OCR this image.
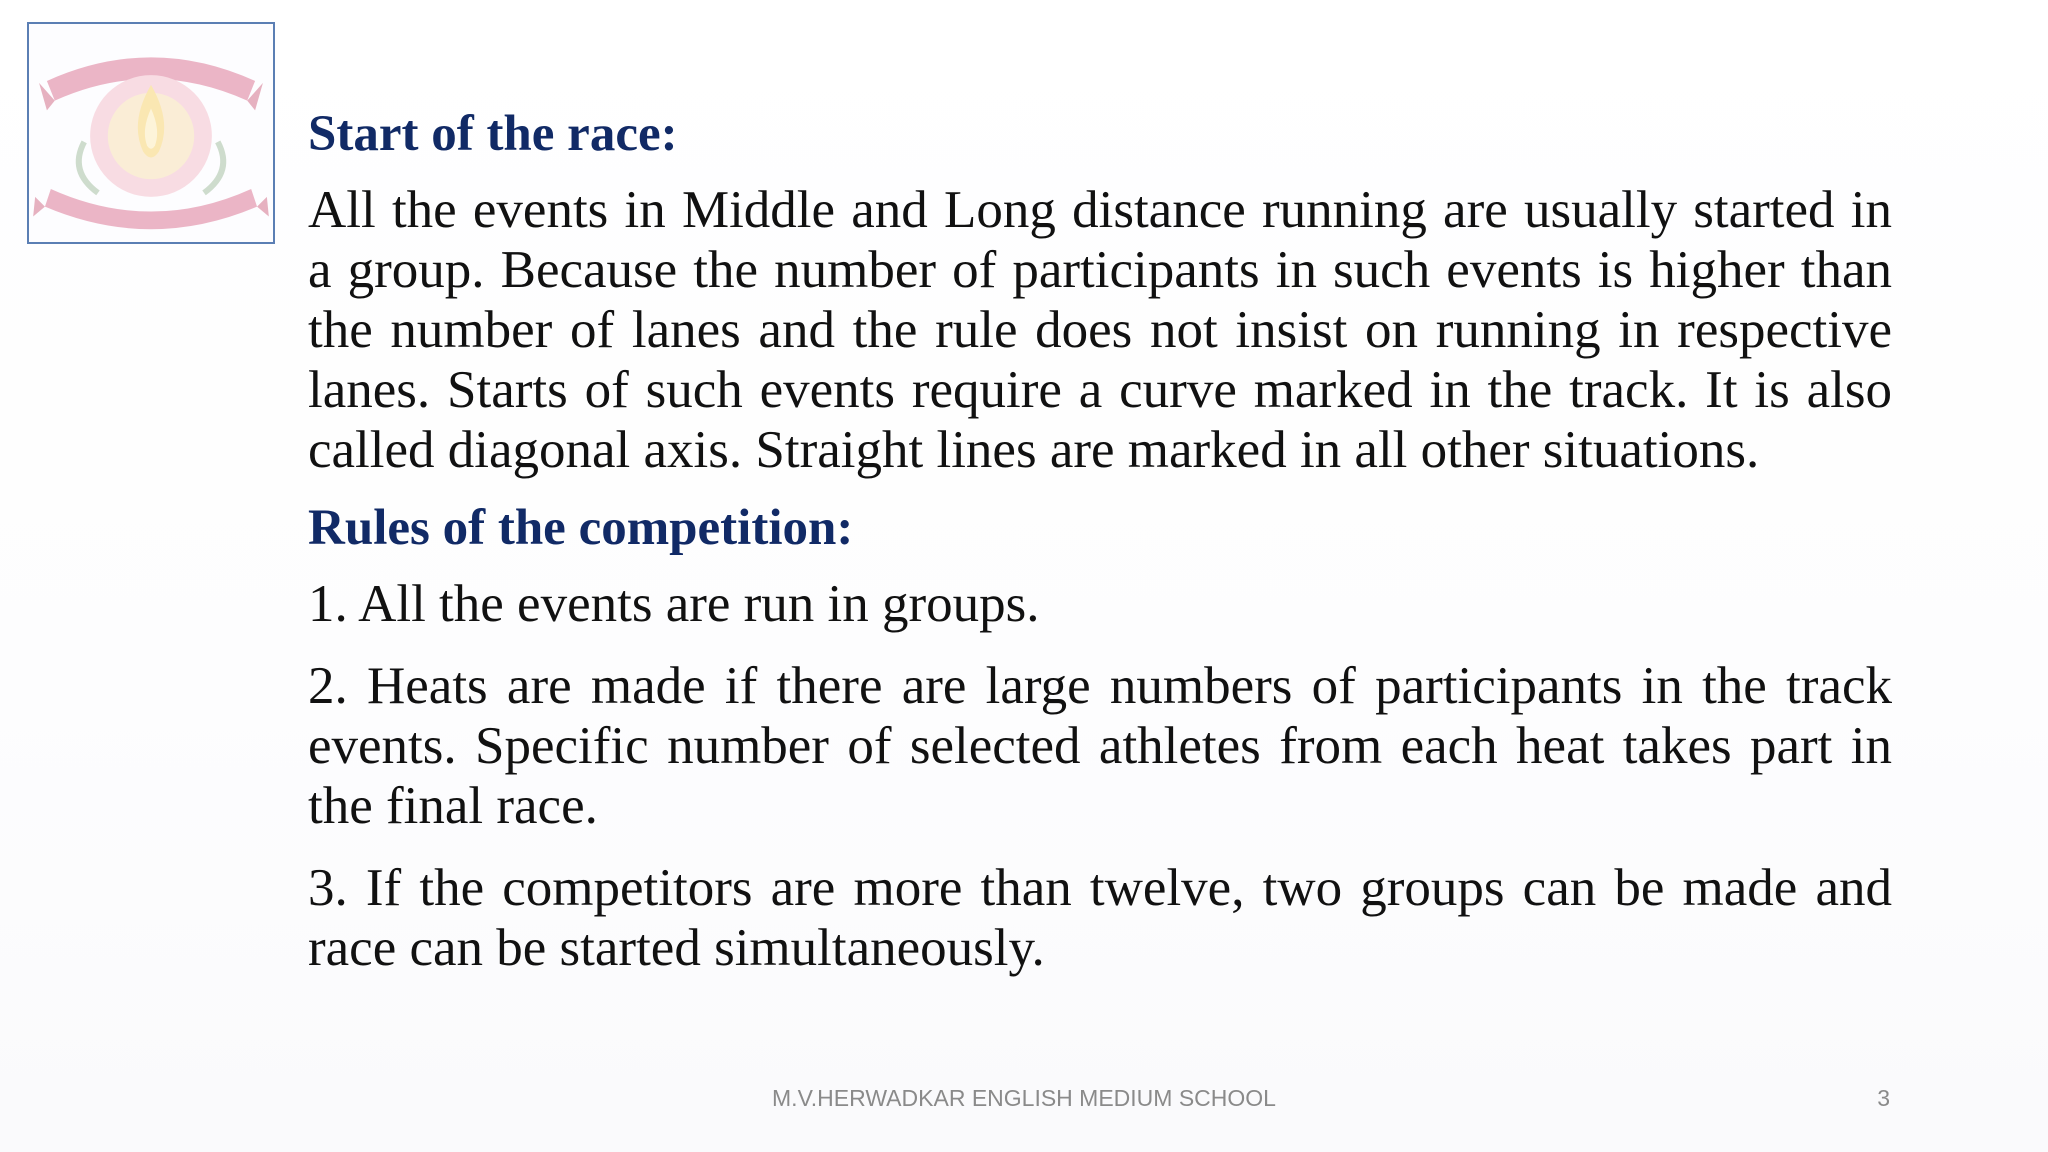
Start of the race:

All the events in Middle and Long distance running are usually started in a group. Because the number of participants in such events is higher than the number of lanes and the rule does not insist on running in respective lanes. Starts of such events require a curve marked in the track. It is also called diagonal axis. Straight lines are marked in all other situations.

Rules of the competition:

1. All the events are run in groups.

2. Heats are made if there are large numbers of participants in the track events. Specific number of selected athletes from each heat takes part in the final race.

3. If the competitors are more than twelve, two groups can be made and race can be started simultaneously.

M.V.HERWADKAR ENGLISH MEDIUM SCHOOL	3
